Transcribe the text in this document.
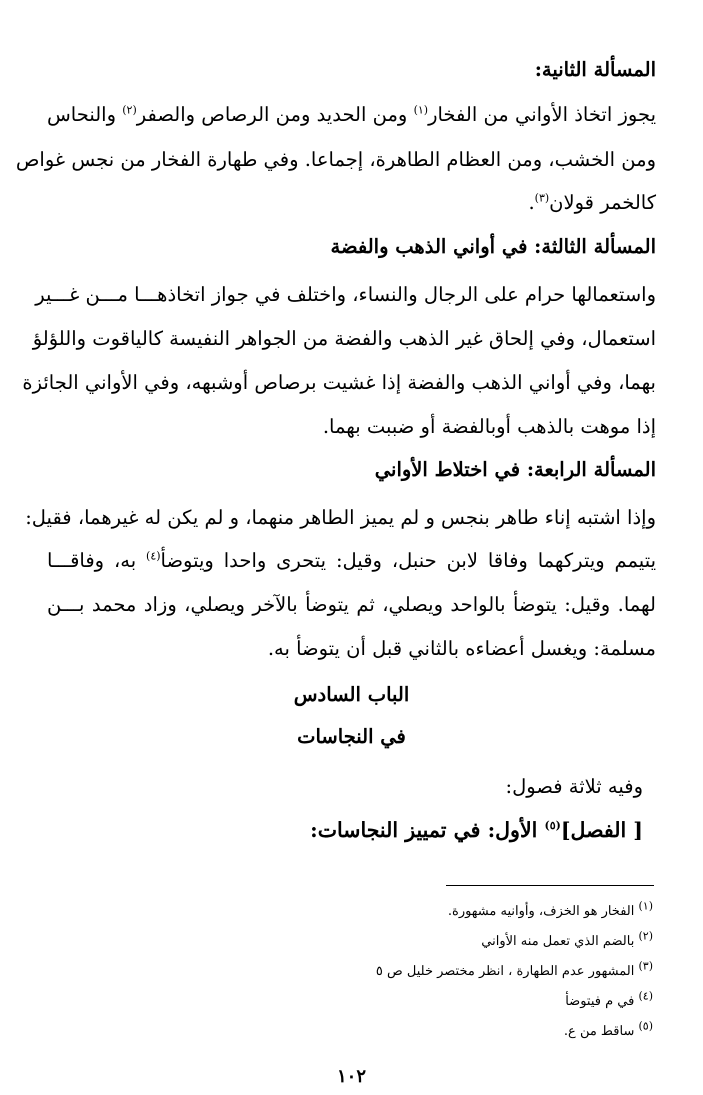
المسألة الثانية:
يجوز اتخاذ الأواني من الفخار$^{(١)}$ ومن الحديد ومن الرصاص والصفر$^{(٢)}$ والنحاس
ومن الخشب، ومن العظام الطاهرة، إجماعا. وفي طهارة الفخار من نجس غواص
كالخمر قولان$^{(٣)}$.
المسألة الثالثة: في أواني الذهب والفضة
واستعمالها حرام على الرجال والنساء، واختلف في جواز اتخاذهـــا مـــن غـــير
استعمال، وفي إلحاق غير الذهب والفضة من الجواهر النفيسة كالياقوت واللؤلؤ
بهما، وفي أواني الذهب والفضة إذا غشيت برصاص أوشبهه، وفي الأواني الجائزة
إذا موهت بالذهب أوبالفضة أو ضببت بهما.
المسألة الرابعة: في اختلاط الأواني
وإذا اشتبه إناء طاهر بنجس و لم يميز الطاهر منهما، و لم يكن له غيرهما، فقيل:
يتيمم ويتركهما وفاقا لابن حنبل، وقيل: يتحرى واحدا ويتوضأ$^{(٤)}$ به، وفاقـــا
لهما. وقيل: يتوضأ بالواحد ويصلي، ثم يتوضأ بالآخر ويصلي، وزاد محمد بـــن
مسلمة: ويغسل أعضاءه بالثاني قبل أن يتوضأ به.
الباب السادس
في النجاسات
وفيه ثلاثة فصول:
[ الفصل]$^{(٥)}$ الأول: في تمييز النجاسات:
$^{(١)}$ الفخار هو الخزف، وأوانيه مشهورة.
$^{(٢)}$ بالضم الذي تعمل منه الأواني
$^{(٣)}$ المشهور عدم الطهارة ، انظر مختصر خليل ص ٥
$^{(٤)}$ في م فيتوضأ
$^{(٥)}$ ساقط من ع.
١٠٢
